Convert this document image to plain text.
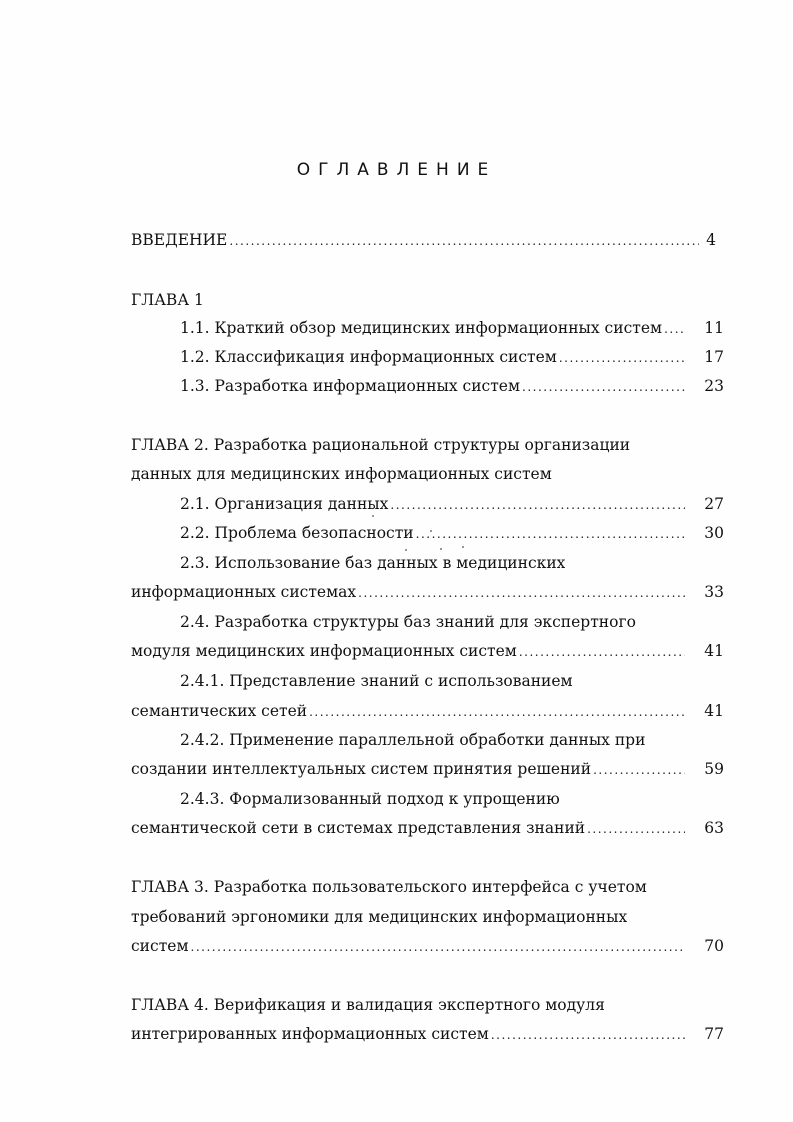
ОГЛАВЛЕНИЕ
ВВЕДЕНИЕ .....	4
ГЛАВА 1
1.1. Краткий обзор медицинских информационных систем .....	11
1.2. Классификация информационных систем .....	17
1.3. Разработка информационных систем .....	23
ГЛАВА 2. Разработка рациональной структуры организации
данных для медицинских информационных систем
2.1. Организация данных .....	27
2.2. Проблема безопасности .....	30
2.3. Использование баз данных в медицинских
информационных системах .....	33
2.4. Разработка структуры баз знаний для экспертного
модуля медицинских информационных систем .....	41
2.4.1. Представление знаний с использованием
семантических сетей .....	41
2.4.2. Применение параллельной обработки данных при
создании интеллектуальных систем принятия решений .....	59
2.4.3. Формализованный подход к упрощению
семантической сети в системах представления знаний .....	63
ГЛАВА 3. Разработка пользовательского интерфейса с учетом
требований эргономики для медицинских информационных
систем .....	70
ГЛАВА 4. Верификация и валидация экспертного модуля
интегрированных информационных систем .....	77
